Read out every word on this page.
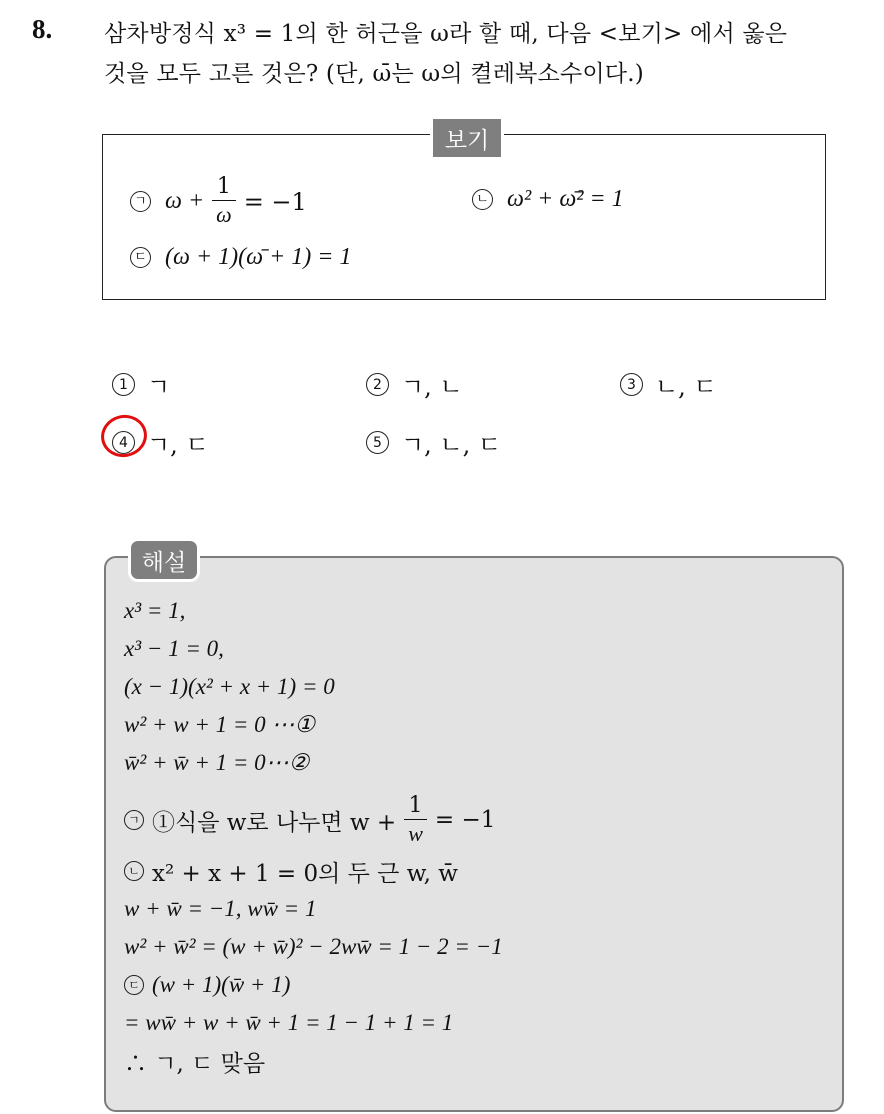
8. 삼차방정식 x³ = 1의 한 허근을 ω라 할 때, 다음 <보기> 에서 옳은
것을 모두 고른 것은? (단, ω̄는 ω의 켤레복소수이다.)
보기
ㄱ $\omega + \frac{1}{\omega} = -1$	ㄴ ω² + ω̄² = 1
ㄷ (ω + 1)(ω̄ + 1) = 1
1 ㄱ	2 ㄱ, ㄴ	3 ㄴ, ㄷ
4 ㄱ, ㄷ	5 ㄱ, ㄴ, ㄷ
해설
x³ = 1,
x³ − 1 = 0,
(x − 1)(x² + x + 1) = 0
w² + w + 1 = 0 ⋯①
w̄² + w̄ + 1 = 0⋯②
ㄱ ①식을 w로 나누면 $w + \frac{1}{w} = -1$
ㄴ x² + x + 1 = 0의 두 근 w, w̄
w + w̄ = −1, ww̄ = 1
w² + w̄² = (w + w̄)² − 2ww̄ = 1 − 2 = −1
ㄷ (w + 1)(w̄ + 1)
= ww̄ + w + w̄ + 1 = 1 − 1 + 1 = 1
∴ ㄱ, ㄷ 맞음
